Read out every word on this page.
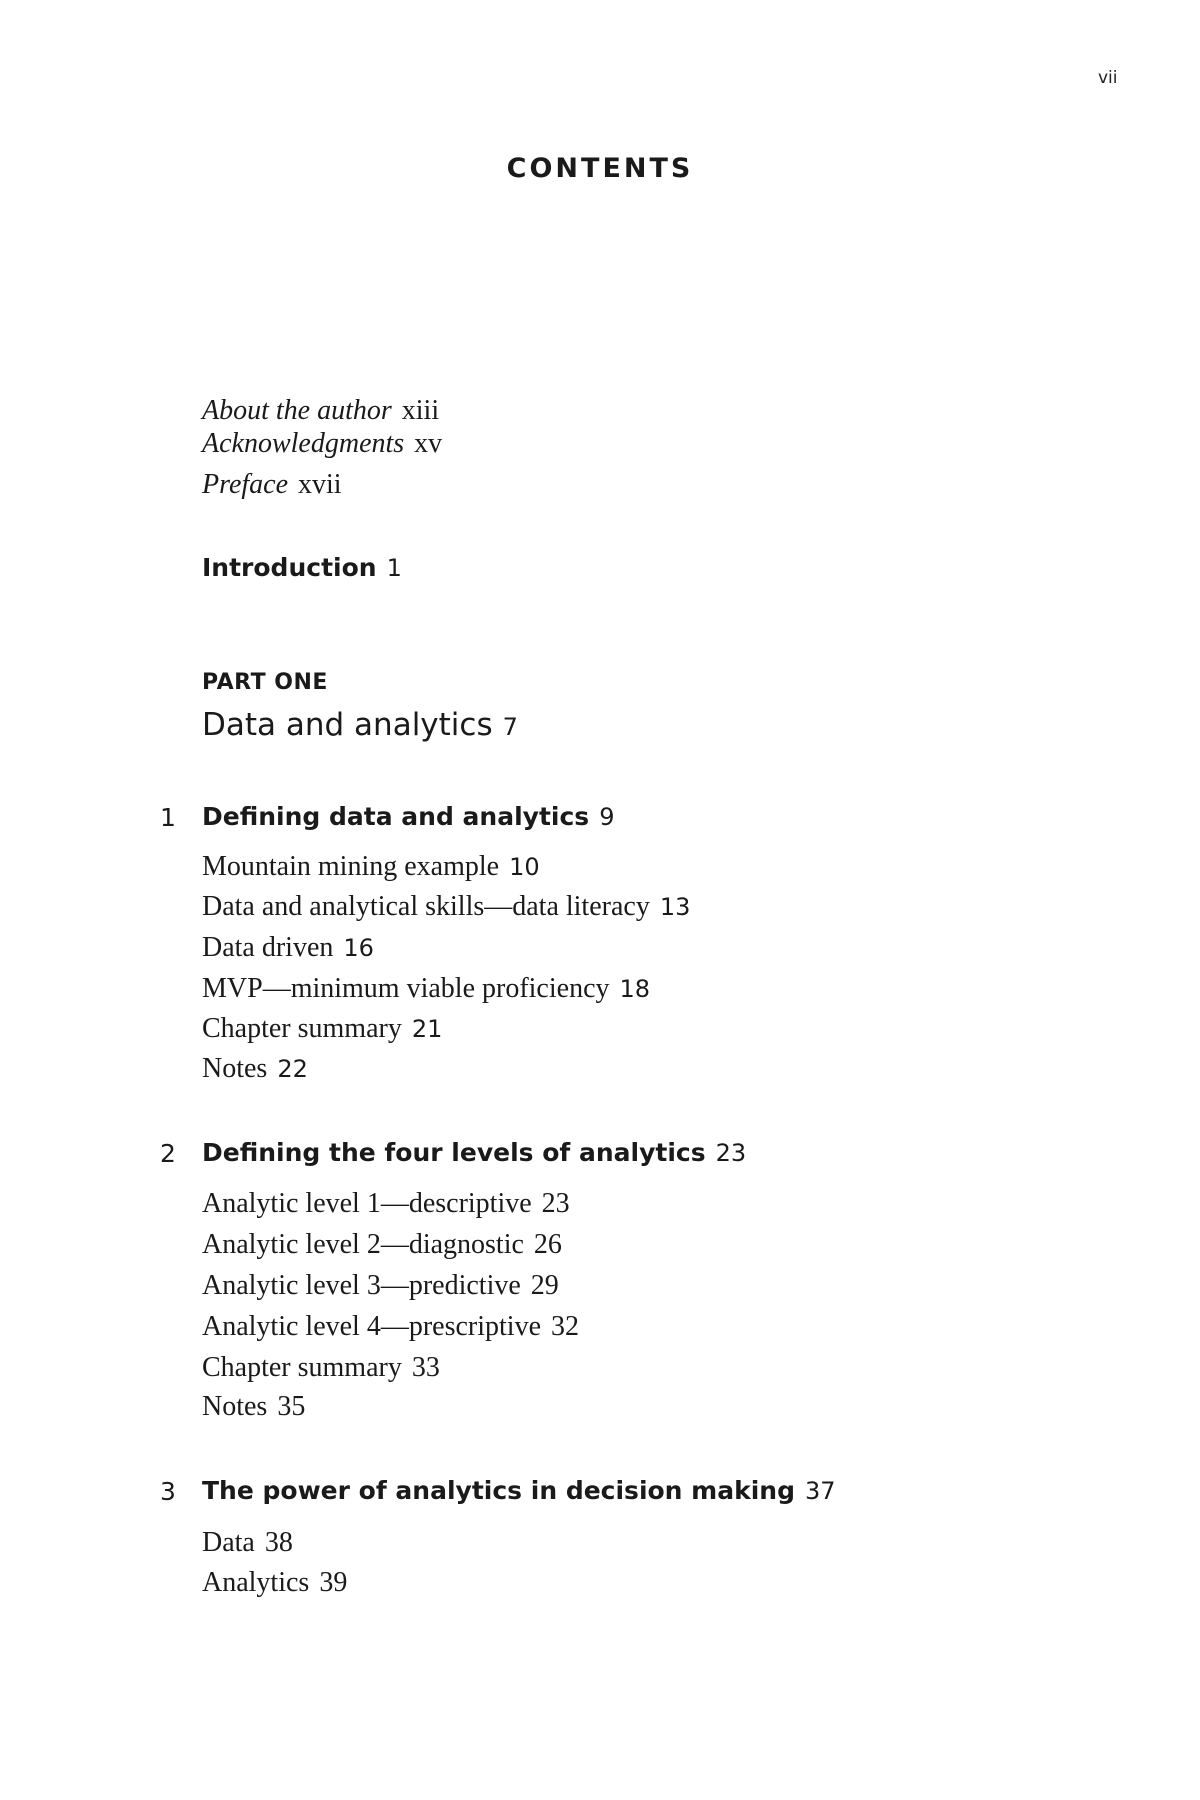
vii
CONTENTS
About the author xiii
Acknowledgments xv
Preface xvii
Introduction 1
PART ONE
Data and analytics 7
1 Defining data and analytics 9
Mountain mining example 10
Data and analytical skills—data literacy 13
Data driven 16
MVP—minimum viable proficiency 18
Chapter summary 21
Notes 22
2 Defining the four levels of analytics 23
Analytic level 1—descriptive 23
Analytic level 2—diagnostic 26
Analytic level 3—predictive 29
Analytic level 4—prescriptive 32
Chapter summary 33
Notes 35
3 The power of analytics in decision making 37
Data 38
Analytics 39
